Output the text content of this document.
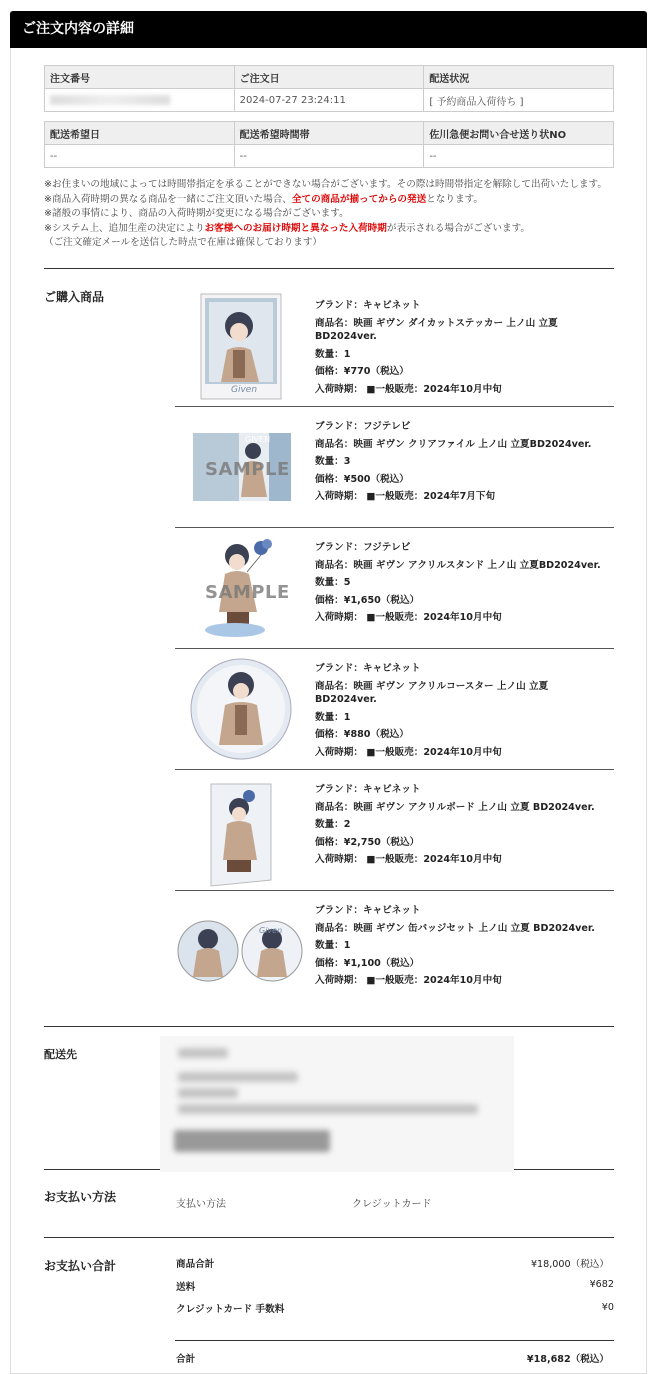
ご注文内容の詳細
注文番号	ご注文日	配送状況
	2024-07-27 23:24:11	[ 予約商品入荷待ち ]
配送希望日	配送希望時間帯	佐川急便お問い合せ送り状NO
--	--	--
※お住まいの地域によっては時間帯指定を承ることができない場合がございます。その際は時間帯指定を解除して出荷いたします。
※商品入荷時期の異なる商品を一緒にご注文頂いた場合、全ての商品が揃ってからの発送となります。
※諸般の事情により、商品の入荷時期が変更になる場合がございます。
※システム上、追加生産の決定によりお客様へのお届け時期と異なった入荷時期が表示される場合がございます。
（ご注文確定メールを送信した時点で在庫は確保しております）
ご購入商品
Given
ブランド：キャビネット
商品名：映画 ギヴン ダイカットステッカー 上ノ山 立夏 BD2024ver.
数量：1
価格：¥770（税込）
入荷時期： ■一般販売：2024年10月中旬
GIVEN
SAMPLE
ブランド：フジテレビ
商品名：映画 ギヴン クリアファイル 上ノ山 立夏BD2024ver.
数量：3
価格：¥500（税込）
入荷時期： ■一般販売：2024年7月下旬
SAMPLE
ブランド：フジテレビ
商品名：映画 ギヴン アクリルスタンド 上ノ山 立夏BD2024ver.
数量：5
価格：¥1,650（税込）
入荷時期： ■一般販売：2024年10月中旬
ブランド：キャビネット
商品名：映画 ギヴン アクリルコースター 上ノ山 立夏 BD2024ver.
数量：1
価格：¥880（税込）
入荷時期： ■一般販売：2024年10月中旬
ブランド：キャビネット
商品名：映画 ギヴン アクリルボード 上ノ山 立夏 BD2024ver.
数量：2
価格：¥2,750（税込）
入荷時期： ■一般販売：2024年10月中旬
Given
ブランド：キャビネット
商品名：映画 ギヴン 缶バッジセット 上ノ山 立夏 BD2024ver.
数量：1
価格：¥1,100（税込）
入荷時期： ■一般販売：2024年10月中旬
配送先
お支払い方法
支払い方法	クレジットカード
お支払い合計	商品合計	¥18,000（税込）
送料	¥682
クレジットカード 手数料	¥0
合計	¥18,682（税込）
